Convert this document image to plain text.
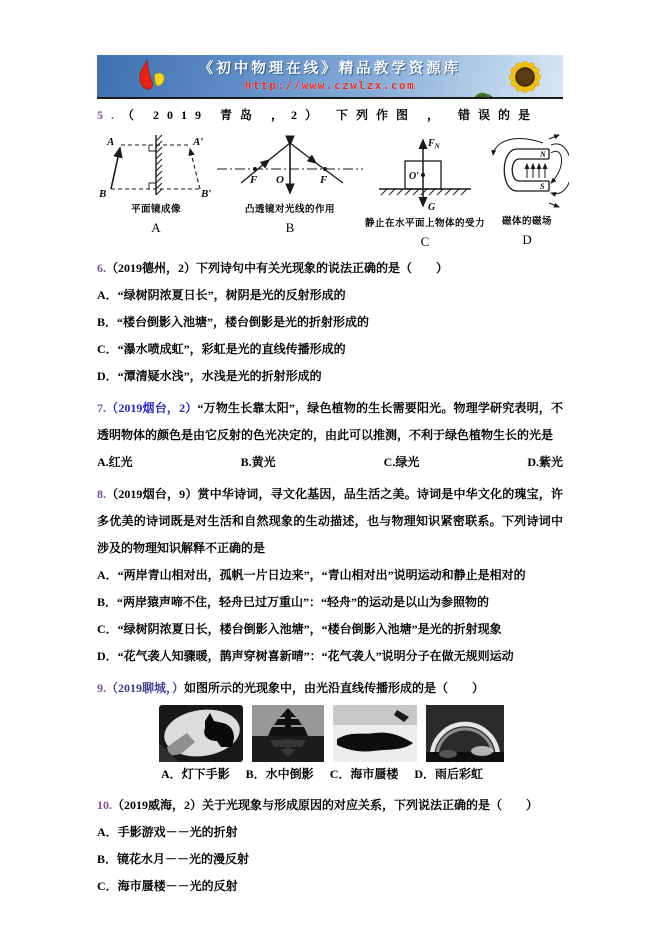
《初中物理在线》精品教学资源库
http://www.czwlzx.com
5.（ 2019 青岛 ，2） 下列作图 ， 错误的是
A
B
A′
B′
平面镜成像
A
F O	F
凸透镜对光线的作用
B
$F_N$
O′
G
静止在水平面上物体的受力
C
N
S
磁体的磁场
D
6.（2019德州，2）下列诗句中有关光现象的说法正确的是（　　）
A．“绿树阴浓夏日长”，树阴是光的反射形成的
B．“楼台倒影入池塘”，楼台倒影是光的折射形成的
C．“瀑水喷成虹”，彩虹是光的直线传播形成的
D．“潭清疑水浅”，水浅是光的折射形成的
7.（2019烟台，2）“万物生长靠太阳”，绿色植物的生长需要阳光。物理学研究表明，不透明物体的颜色是由它反射的色光决定的，由此可以推测，不利于绿色植物生长的光是
A.红光	B.黄光	C.绿光	D.紫光
8.（2019烟台，9）赏中华诗词，寻文化基因，品生活之美。诗词是中华文化的瑰宝，许多优美的诗词既是对生活和自然现象的生动描述，也与物理知识紧密联系。下列诗词中涉及的物理知识解释不正确的是
A．“两岸青山相对出，孤帆一片日边来”，“青山相对出”说明运动和静止是相对的
B．“两岸猿声啼不住，轻舟已过万重山”：“轻舟”的运动是以山为参照物的
C．“绿树阴浓夏日长，楼台倒影入池塘”，“楼台倒影入池塘”是光的折射现象
D．“花气袭人知骤暖，鹊声穿树喜新晴”：“花气袭人”说明分子在做无规则运动
9.（2019聊城，）如图所示的光现象中，由光沿直线传播形成的是（　　）
A．灯下手影 B．水中倒影 C．海市蜃楼 D．雨后彩虹
10.（2019威海，2）关于光现象与形成原因的对应关系，下列说法正确的是（　　）
A．手影游戏－－光的折射
B．镜花水月－－光的漫反射
C．海市蜃楼－－光的反射
